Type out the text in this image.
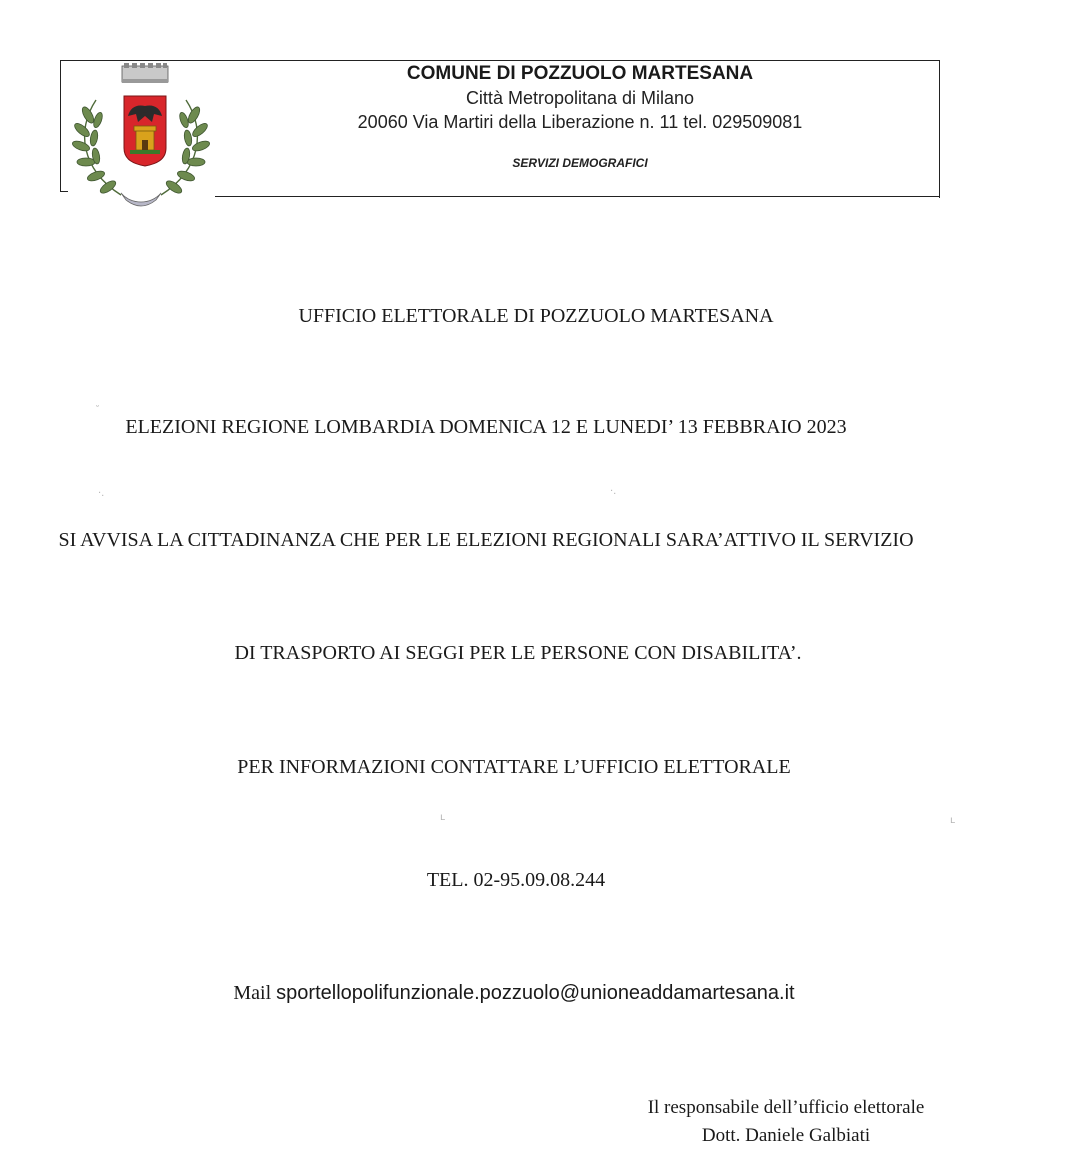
COMUNE DI POZZUOLO MARTESANA
Città Metropolitana di Milano
20060 Via Martiri della Liberazione n. 11 tel. 029509081
SERVIZI DEMOGRAFICI
UFFICIO ELETTORALE DI POZZUOLO MARTESANA
ELEZIONI REGIONE LOMBARDIA DOMENICA 12 E LUNEDI’ 13 FEBBRAIO 2023
SI AVVISA LA CITTADINANZA CHE PER LE ELEZIONI REGIONALI SARA’ATTIVO IL SERVIZIO
DI TRASPORTO AI SEGGI PER LE PERSONE CON DISABILITA’.
PER INFORMAZIONI CONTATTARE L’UFFICIO ELETTORALE
TEL. 02-95.09.08.244
Mail sportellopolifunzionale.pozzuolo@unioneaddamartesana.it
Il responsabile dell’ufficio elettorale
Dott. Daniele Galbiati
˘
·.	·.
ʟ	ʟ
